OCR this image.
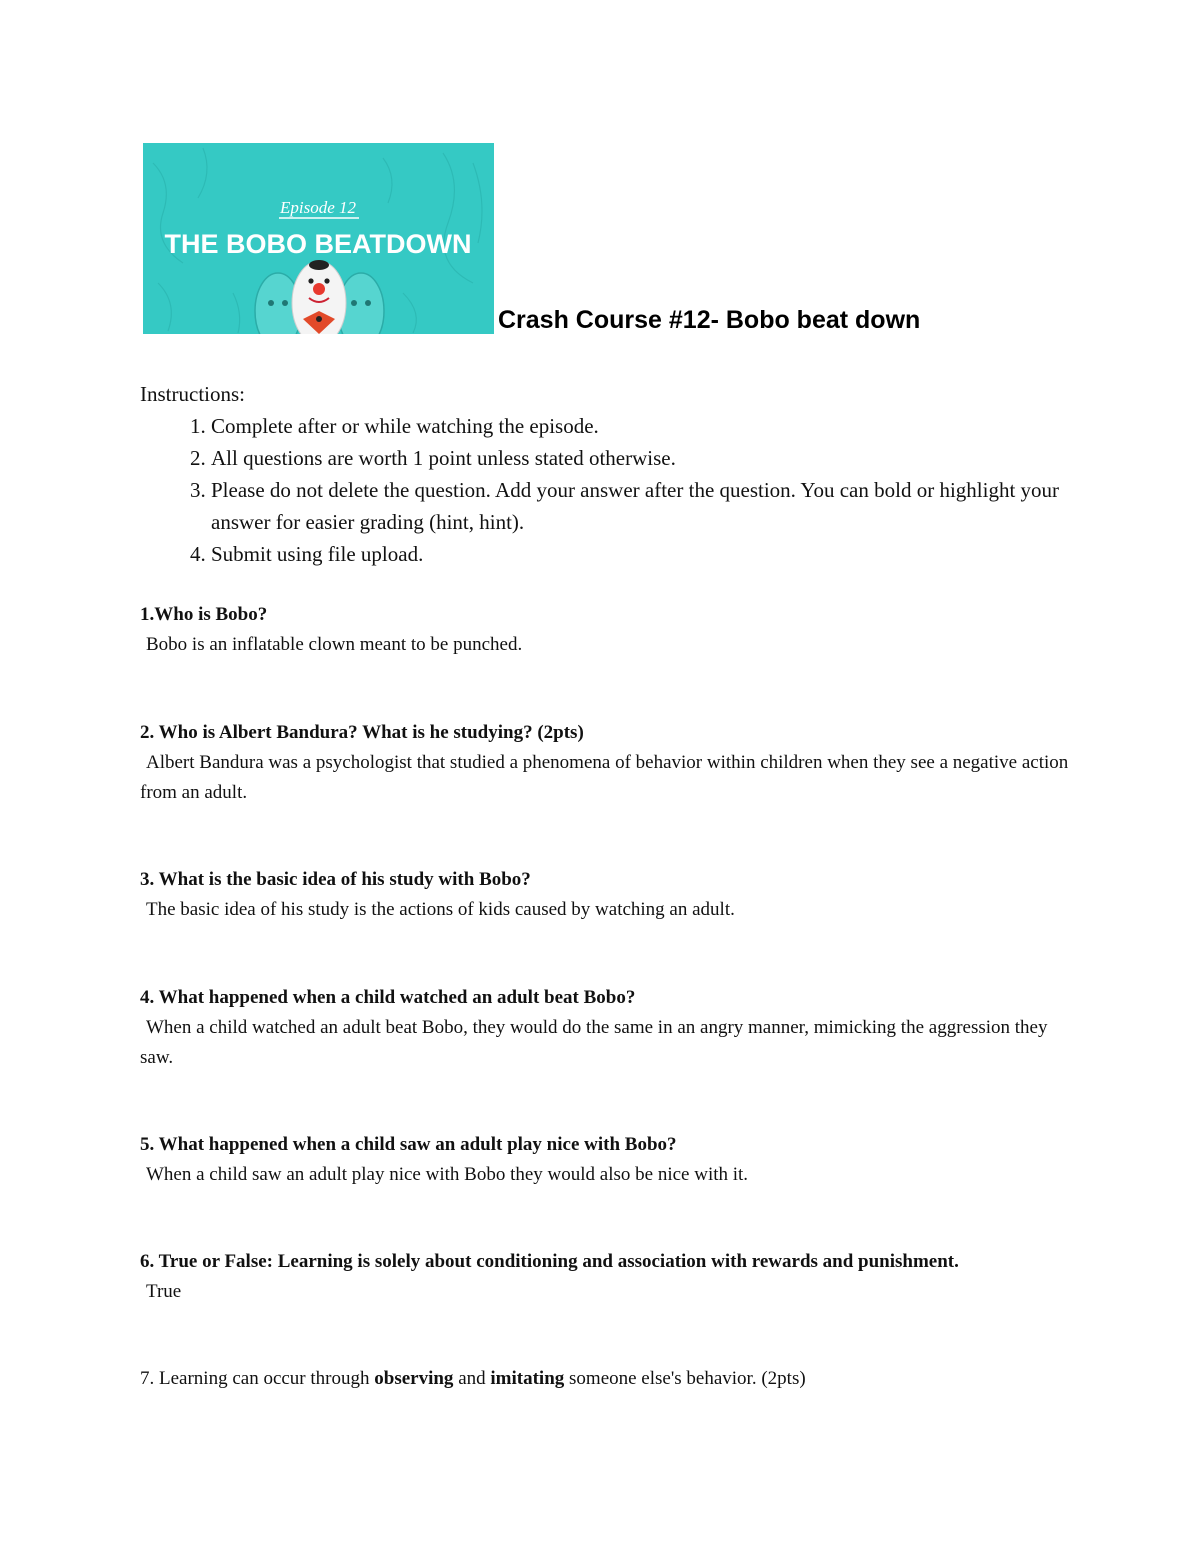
Episode 12
THE BOBO BEATDOWN
Crash Course #12- Bobo beat down

Instructions:

1. Complete after or while watching the episode.
2. All questions are worth 1 point unless stated otherwise.
3. Please do not delete the question. Add your answer after the question. You can bold or highlight your answer for easier grading (hint, hint).
4. Submit using file upload.

1.Who is Bobo?

Bobo is an inflatable clown meant to be punched.

2. Who is Albert Bandura? What is he studying? (2pts)

Albert Bandura was a psychologist that studied a phenomena of behavior within children when they see a negative action from an adult.

3. What is the basic idea of his study with Bobo?

The basic idea of his study is the actions of kids caused by watching an adult.

4. What happened when a child watched an adult beat Bobo?

When a child watched an adult beat Bobo, they would do the same in an angry manner, mimicking the aggression they saw.

5. What happened when a child saw an adult play nice with Bobo?

When a child saw an adult play nice with Bobo they would also be nice with it.

6. True or False: Learning is solely about conditioning and association with rewards and punishment.

True

7. Learning can occur through observing and imitating someone else's behavior. (2pts)
